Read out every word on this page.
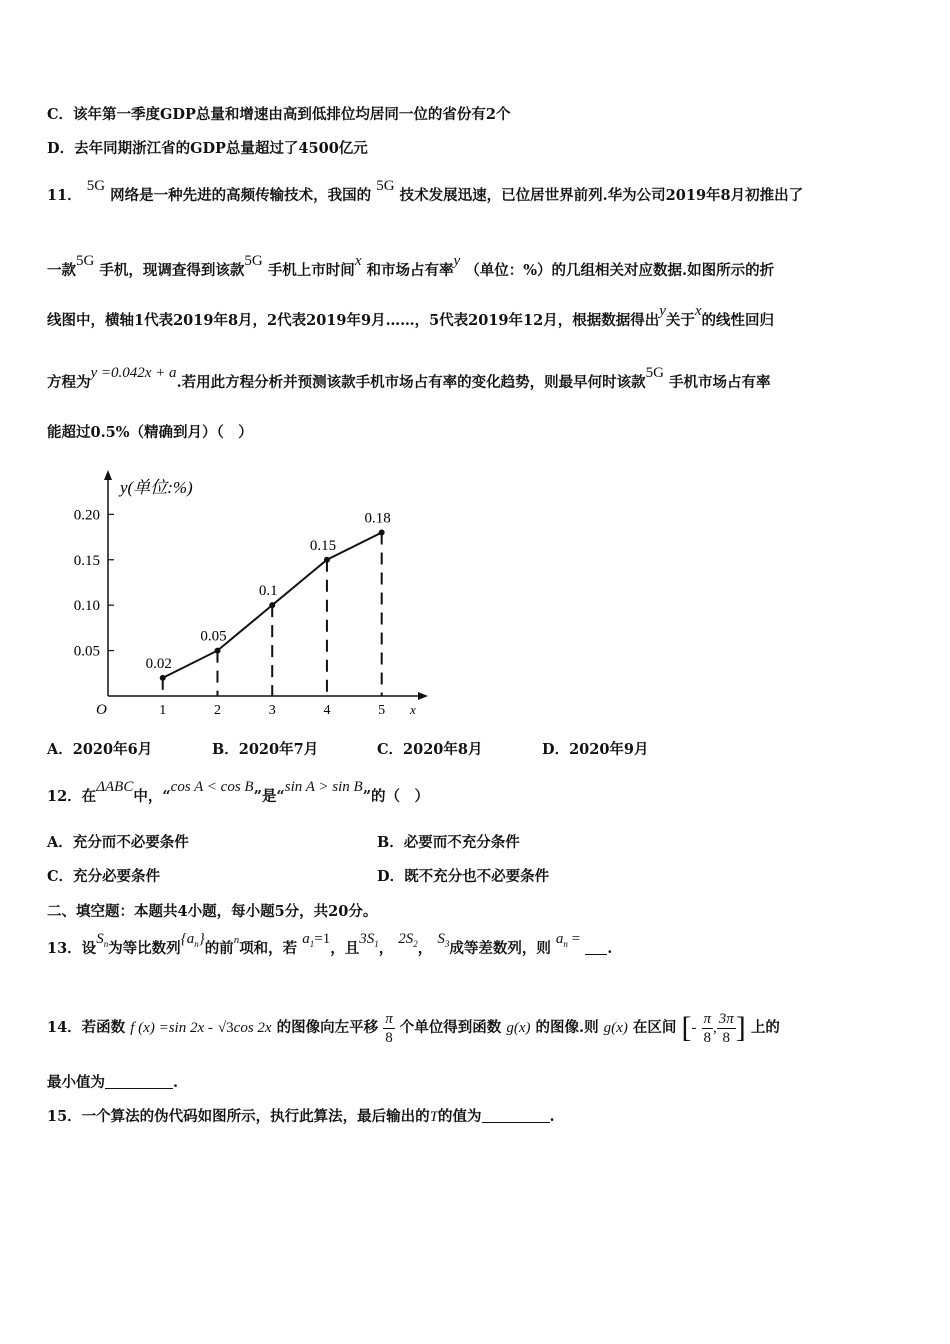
C．该年第一季度GDP总量和增速由高到低排位均居同一位的省份有2个
D．去年同期浙江省的GDP总量超过了4500亿元
11． 5G 网络是一种先进的高频传输技术，我国的 5G 技术发展迅速，已位居世界前列.华为公司2019年8月初推出了
一款5G 手机，现调查得到该款5G 手机上市时间x 和市场占有率y （单位：%）的几组相关对应数据.如图所示的折
线图中，横轴1代表2019年8月，2代表2019年9月……，5代表2019年12月，根据数据得出y关于x的线性回归
方程为y =0.042x + a.若用此方程分析并预测该款手机市场占有率的变化趋势，则最早何时该款5G 手机市场占有率
能超过0.5%（精确到月）（　）
0.05
0.10
0.15
0.20
1	2	3	4	5
0.02
0.05
0.1
0.15
0.18
y(单位:%)
x
O
A．2020年6月	B．2020年7月	C．2020年8月	D．2020年9月
12．在ΔABC中，“cos A < cos B”是“sin A > sin B”的（　）
A．充分而不必要条件	B．必要而不充分条件
C．充分必要条件	D．既不充分也不必要条件
二、填空题：本题共4小题，每小题5分，共20分。
13．设$S_n$为等比数列$\{a_n\}$的前$^n$项和，若 $a_1=1$，且$3S_1$， $2S_2$， $S_3$成等差数列，则 $a_n$ = .
14．若函数 f (x) =sin 2x - √3cos 2x 的图像向左平移 $\frac{\pi}{8}$ 个单位得到函数 g(x) 的图像.则 g(x) 在区间 [- $\frac{\pi}{8}$ , $\frac{3\pi}{8}$ ] 上的
最小值为	.
15．一个算法的伪代码如图所示，执行此算法，最后输出的T的值为	.
